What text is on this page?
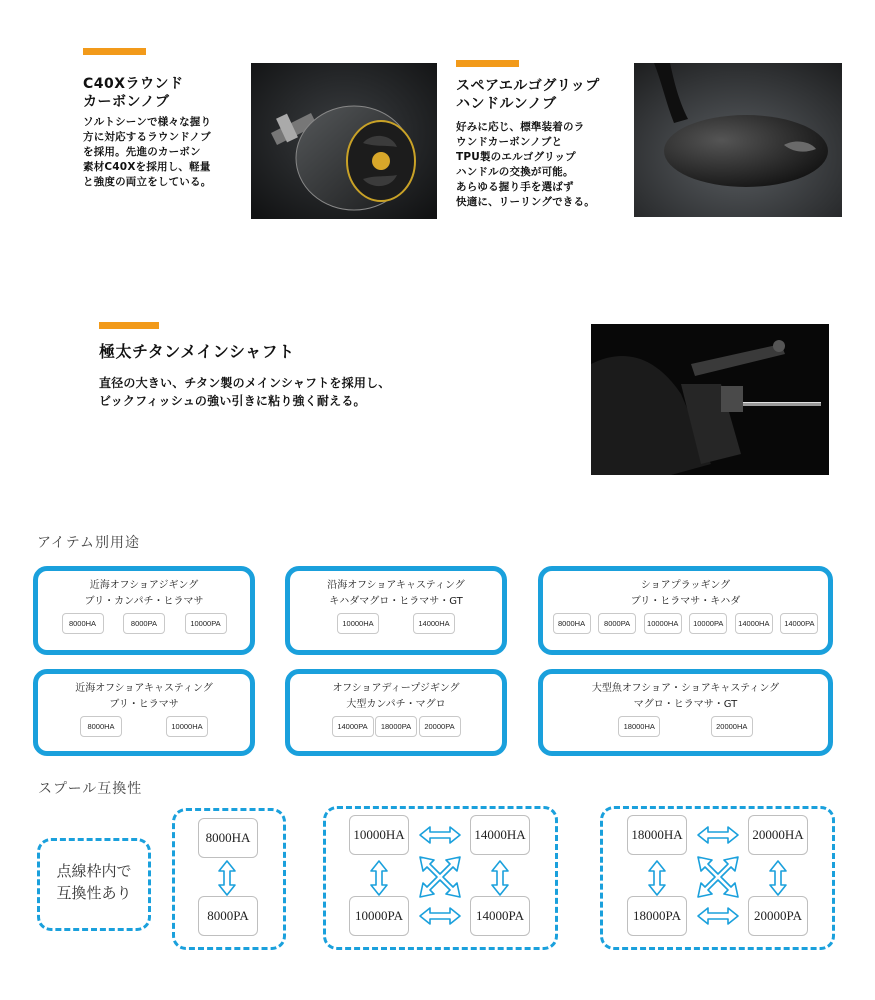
C40Xラウンド
カーボンノブ
ソルトシーンで様々な握り
方に対応するラウンドノブ
を採用。先進のカーボン
素材C40Xを採用し、軽量
と強度の両立をしている。
スペアエルゴグリップ
ハンドルンノブ
好みに応じ、標準装着のラ
ウンドカーボンノブと
TPU製のエルゴグリップ
ハンドルの交換が可能。
あらゆる握り手を選ばず
快適に、リーリングできる。
極太チタンメインシャフト
直径の大きい、チタン製のメインシャフトを採用し、
ビックフィッシュの強い引きに粘り強く耐える。
アイテム別用途
近海オフショアジギング
ブリ・カンパチ・ヒラマサ
8000HA	8000PA	10000PA
沿海オフショアキャスティング
キハダマグロ・ヒラマサ・GT
10000HA	14000HA
ショアプラッギング
ブリ・ヒラマサ・キハダ
8000HA	8000PA	10000HA	10000PA	14000HA	14000PA
近海オフショアキャスティング
ブリ・ヒラマサ
8000HA	10000HA
オフショアディープジギング
大型カンパチ・マグロ
14000PA	18000PA	20000PA
大型魚オフショア・ショアキャスティング
マグロ・ヒラマサ・GT
18000HA	20000HA
スプール互換性
点線枠内で
互換性あり
8000HA
8000PA
10000HA	14000HA
10000PA	14000PA
18000HA	20000HA
18000PA	20000PA
